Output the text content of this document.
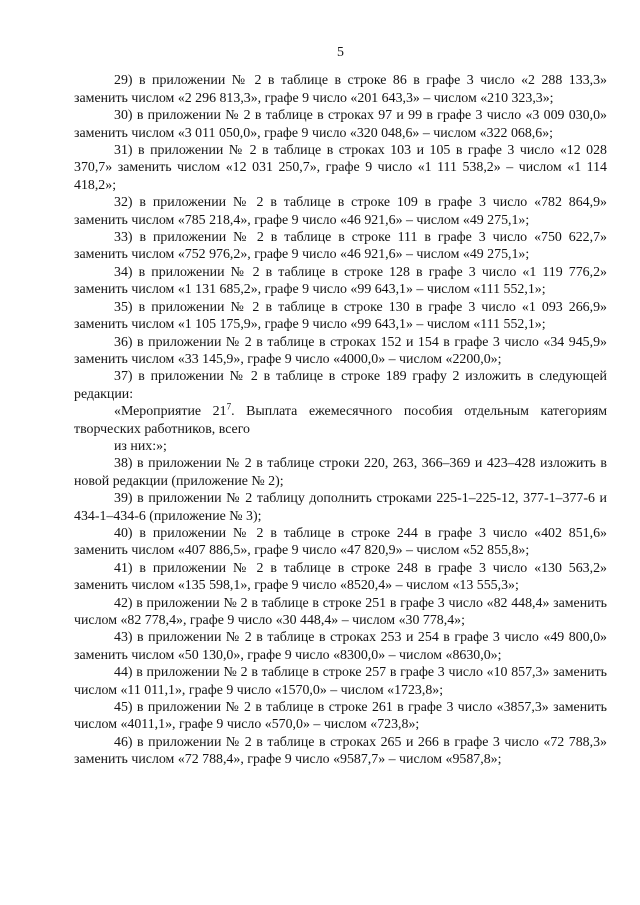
5

29) в приложении № 2 в таблице в строке 86 в графе 3 число «2 288 133,3» заменить числом «2 296 813,3», графе 9 число «201 643,3» – числом «210 323,3»;

30) в приложении № 2 в таблице в строках 97 и 99 в графе 3 число «3 009 030,0» заменить числом «3 011 050,0», графе 9 число «320 048,6» – числом «322 068,6»;

31) в приложении № 2 в таблице в строках 103 и 105 в графе 3 число «12 028 370,7» заменить числом «12 031 250,7», графе 9 число «1 111 538,2» – числом «1 114 418,2»;

32) в приложении № 2 в таблице в строке 109 в графе 3 число «782 864,9» заменить числом «785 218,4», графе 9 число «46 921,6» – числом «49 275,1»;

33) в приложении № 2 в таблице в строке 111 в графе 3 число «750 622,7» заменить числом «752 976,2», графе 9 число «46 921,6» – числом «49 275,1»;

34) в приложении № 2 в таблице в строке 128 в графе 3 число «1 119 776,2» заменить числом «1 131 685,2», графе 9 число «99 643,1» – числом «111 552,1»;

35) в приложении № 2 в таблице в строке 130 в графе 3 число «1 093 266,9» заменить числом «1 105 175,9», графе 9 число «99 643,1» – числом «111 552,1»;

36) в приложении № 2 в таблице в строках 152 и 154 в графе 3 число «34 945,9» заменить числом «33 145,9», графе 9 число «4000,0» – числом «2200,0»;

37) в приложении № 2 в таблице в строке 189 графу 2 изложить в следующей редакции:

«Мероприятие $21^7$. Выплата ежемесячного пособия отдельным категориям творческих работников, всего

из них:»;

38) в приложении № 2 в таблице строки 220, 263, 366–369 и 423–428 изложить в новой редакции (приложение № 2);

39) в приложении № 2 таблицу дополнить строками 225-1–225-12, 377-1–377-6 и 434-1–434-6 (приложение № 3);

40) в приложении № 2 в таблице в строке 244 в графе 3 число «402 851,6» заменить числом «407 886,5», графе 9 число «47 820,9» – числом «52 855,8»;

41) в приложении № 2 в таблице в строке 248 в графе 3 число «130 563,2» заменить числом «135 598,1», графе 9 число «8520,4» – числом «13 555,3»;

42) в приложении № 2 в таблице в строке 251 в графе 3 число «82 448,4» заменить числом «82 778,4», графе 9 число «30 448,4» – числом «30 778,4»;

43) в приложении № 2 в таблице в строках 253 и 254 в графе 3 число «49 800,0» заменить числом «50 130,0», графе 9 число «8300,0» – числом «8630,0»;

44) в приложении № 2 в таблице в строке 257 в графе 3 число «10 857,3» заменить числом «11 011,1», графе 9 число «1570,0» – числом «1723,8»;

45) в приложении № 2 в таблице в строке 261 в графе 3 число «3857,3» заменить числом «4011,1», графе 9 число «570,0» – числом «723,8»;

46) в приложении № 2 в таблице в строках 265 и 266 в графе 3 число «72 788,3» заменить числом «72 788,4», графе 9 число «9587,7» – числом «9587,8»;
